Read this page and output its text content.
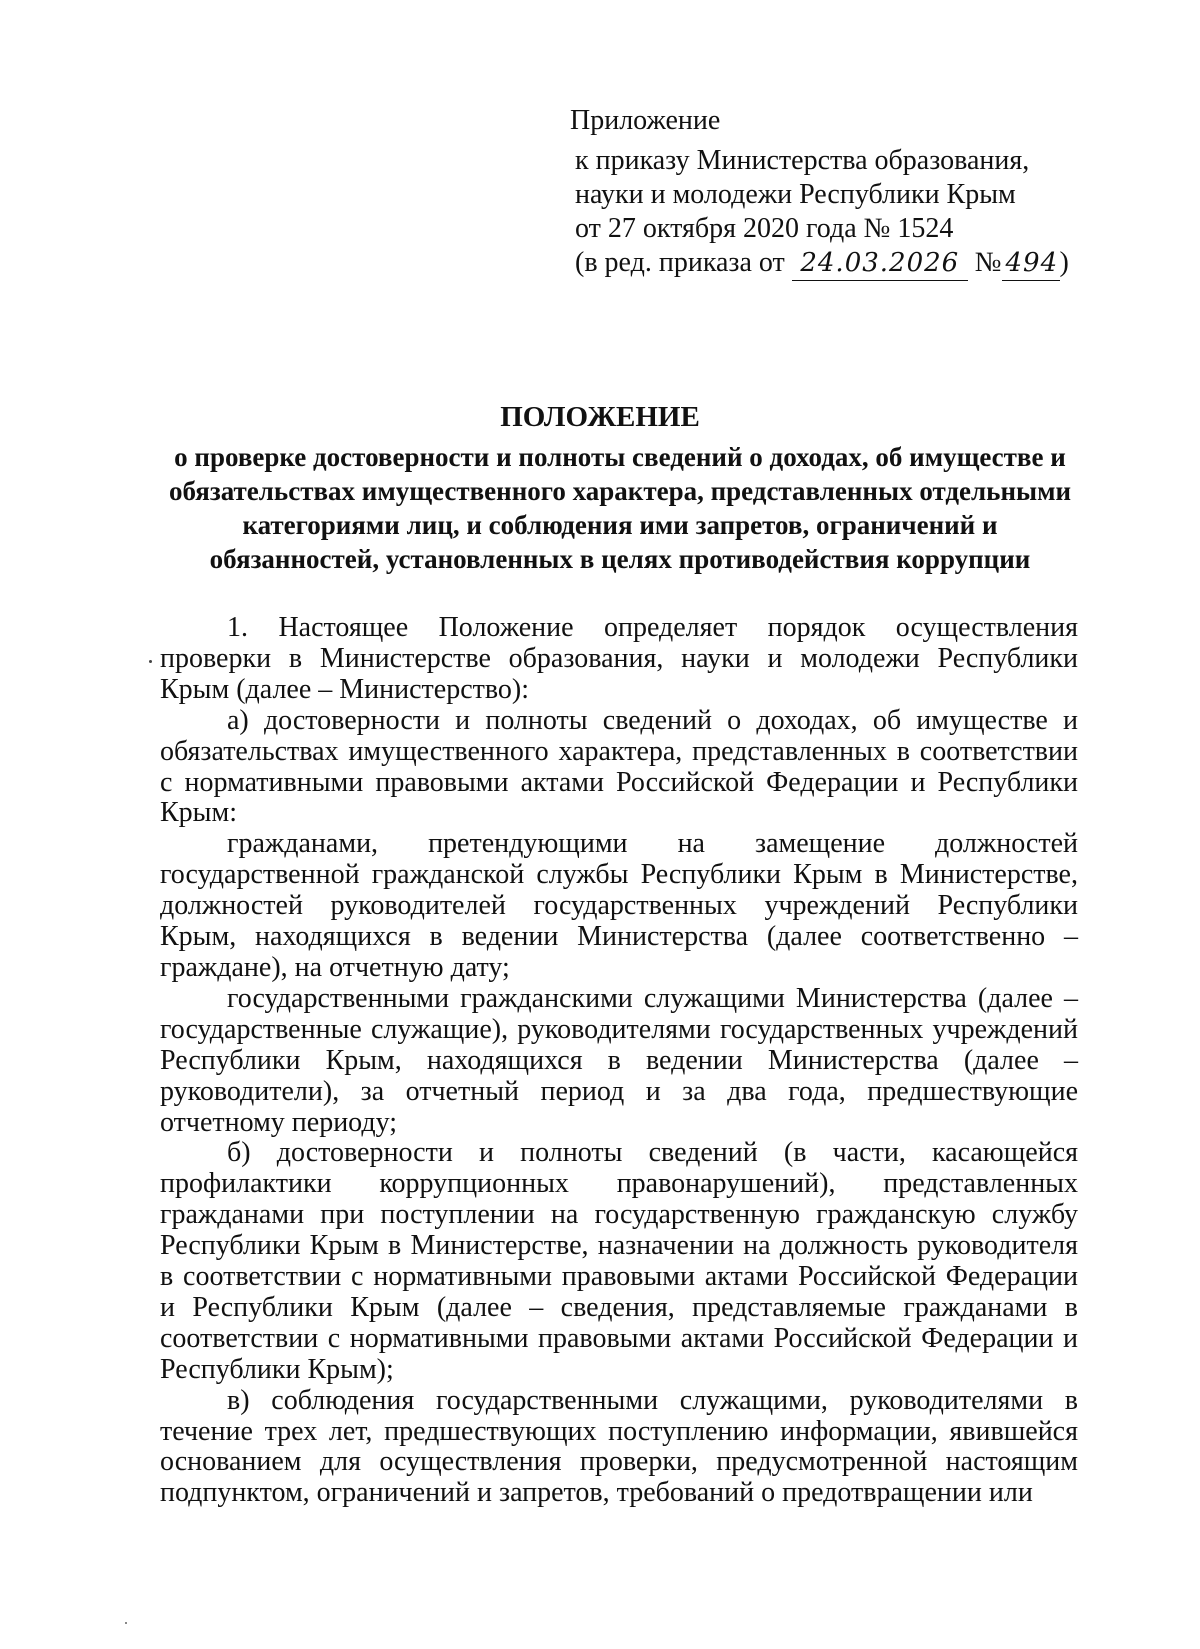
Приложение
к приказу Министерства образования,
науки и молодежи Республики Крым
от 27 октября 2020 года № 1524
(в ред. приказа от 24.03.2026 № 494)
ПОЛОЖЕНИЕ
о проверке достоверности и полноты сведений о доходах, об имуществе и обязательствах имущественного характера, представленных отдельными категориями лиц, и соблюдения ими запретов, ограничений и обязанностей, установленных в целях противодействия коррупции

1. Настоящее Положение определяет порядок осуществления проверки в Министерстве образования, науки и молодежи Республики Крым (далее – Министерство):

а) достоверности и полноты сведений о доходах, об имуществе и обязательствах имущественного характера, представленных в соответствии с нормативными правовыми актами Российской Федерации и Республики Крым:

гражданами, претендующими на замещение должностей государственной гражданской службы Республики Крым в Министерстве, должностей руководителей государственных учреждений Республики Крым, находящихся в ведении Министерства (далее соответственно – граждане), на отчетную дату;

государственными гражданскими служащими Министерства (далее – государственные служащие), руководителями государственных учреждений Республики Крым, находящихся в ведении Министерства (далее – руководители), за отчетный период и за два года, предшествующие отчетному периоду;

б) достоверности и полноты сведений (в части, касающейся профилактики коррупционных правонарушений), представленных гражданами при поступлении на государственную гражданскую службу Республики Крым в Министерстве, назначении на должность руководителя в соответствии с нормативными правовыми актами Российской Федерации и Республики Крым (далее – сведения, представляемые гражданами в соответствии с нормативными правовыми актами Российской Федерации и Республики Крым);

в) соблюдения государственными служащими, руководителями в течение трех лет, предшествующих поступлению информации, явившейся основанием для осуществления проверки, предусмотренной настоящим подпунктом, ограничений и запретов, требований о предотвращении или
